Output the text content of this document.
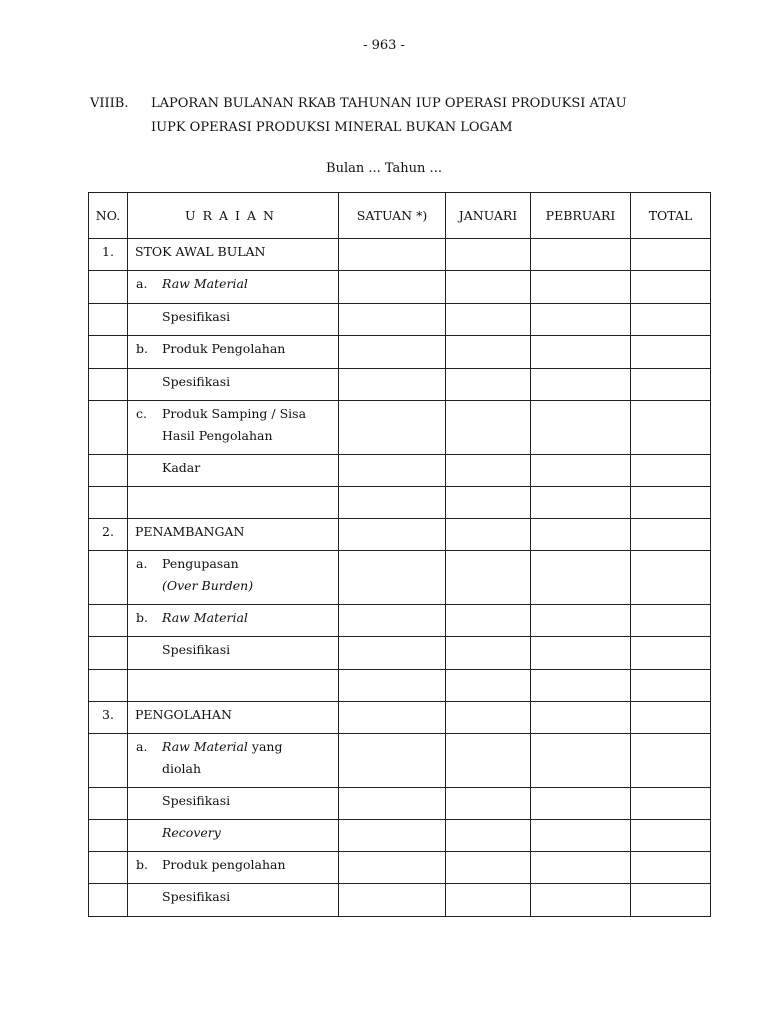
- 963 -
VIIIB. LAPORAN BULANAN RKAB TAHUNAN IUP OPERASI PRODUKSI ATAU
IUPK OPERASI PRODUKSI MINERAL BUKAN LOGAM
Bulan ... Tahun ...
NO.	URAIAN	SATUAN *)	JANUARI	PEBRUARI	TOTAL
1.	STOK AWAL BULAN				
	a. Raw Material				

	Spesifikasi				

	b. Produk Pengolahan				

	Spesifikasi				

	c. Produk Samping / Sisa
Hasil Pengolahan				

	Kadar				

2.	PENAMBANGAN				
	a. Pengupasan
(Over Burden)				
	b. Raw Material				

	Spesifikasi				

3.	PENGOLAHAN				
	a. Raw Material yang
diolah				

	Spesifikasi				

	Recovery				

	b. Produk pengolahan				

	Spesifikasi				
